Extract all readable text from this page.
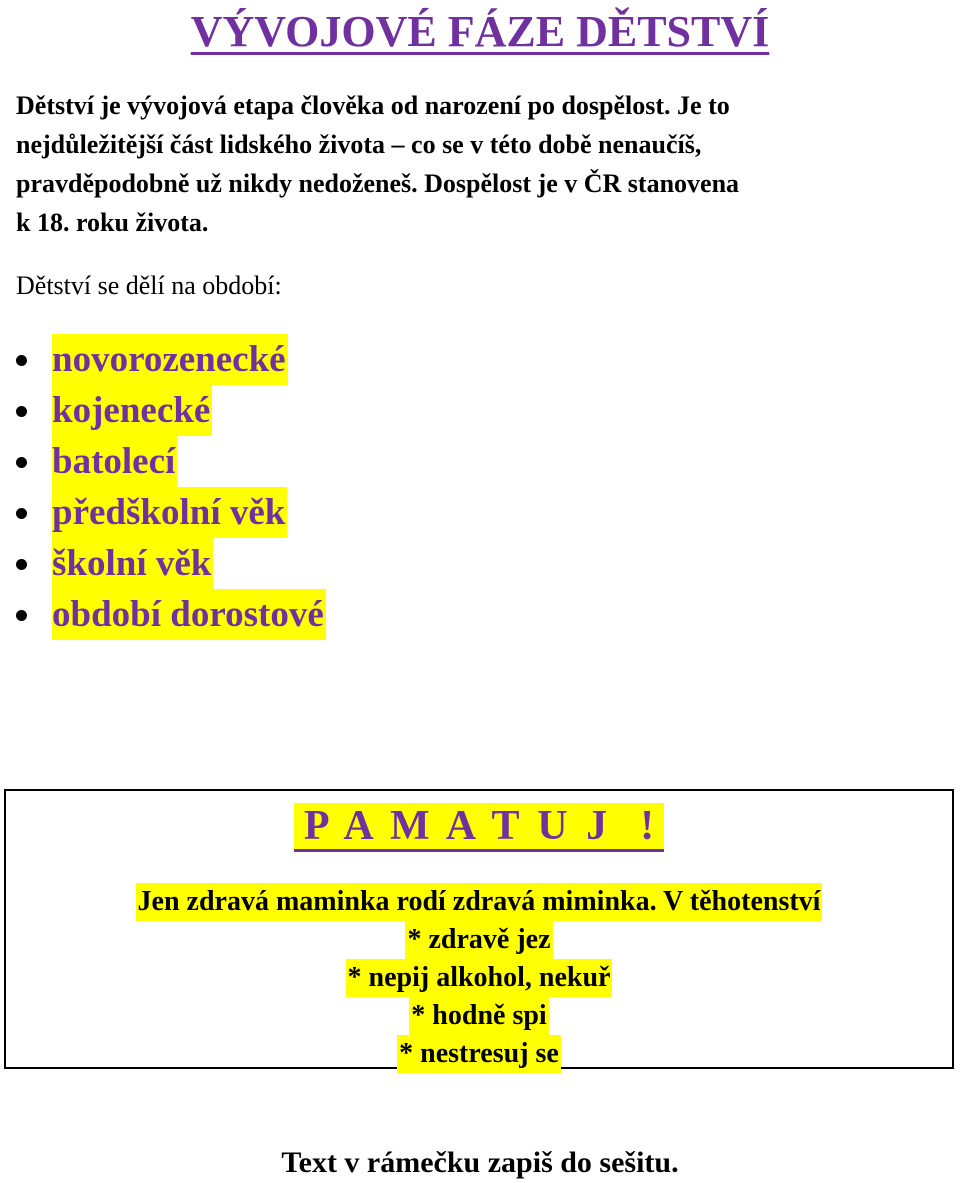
VÝVOJOVÉ FÁZE DĚTSTVÍ

Dětství je vývojová etapa člověka od narození po dospělost. Je to
nejdůležitější část lidského života – co se v této době nenaučíš,
pravděpodobně už nikdy nedoženeš. Dospělost je v ČR stanovena
k 18. roku života.

Dětství se dělí na období:

novorozenecké
kojenecké
batolecí
předškolní věk
školní věk
období dorostové
P A M A T U J  !
Jen zdravá maminka rodí zdravá miminka. V těhotenství
* zdravě jez
* nepij alkohol, nekuř
* hodně spi
* nestresuj se

Text v rámečku zapiš do sešitu.
